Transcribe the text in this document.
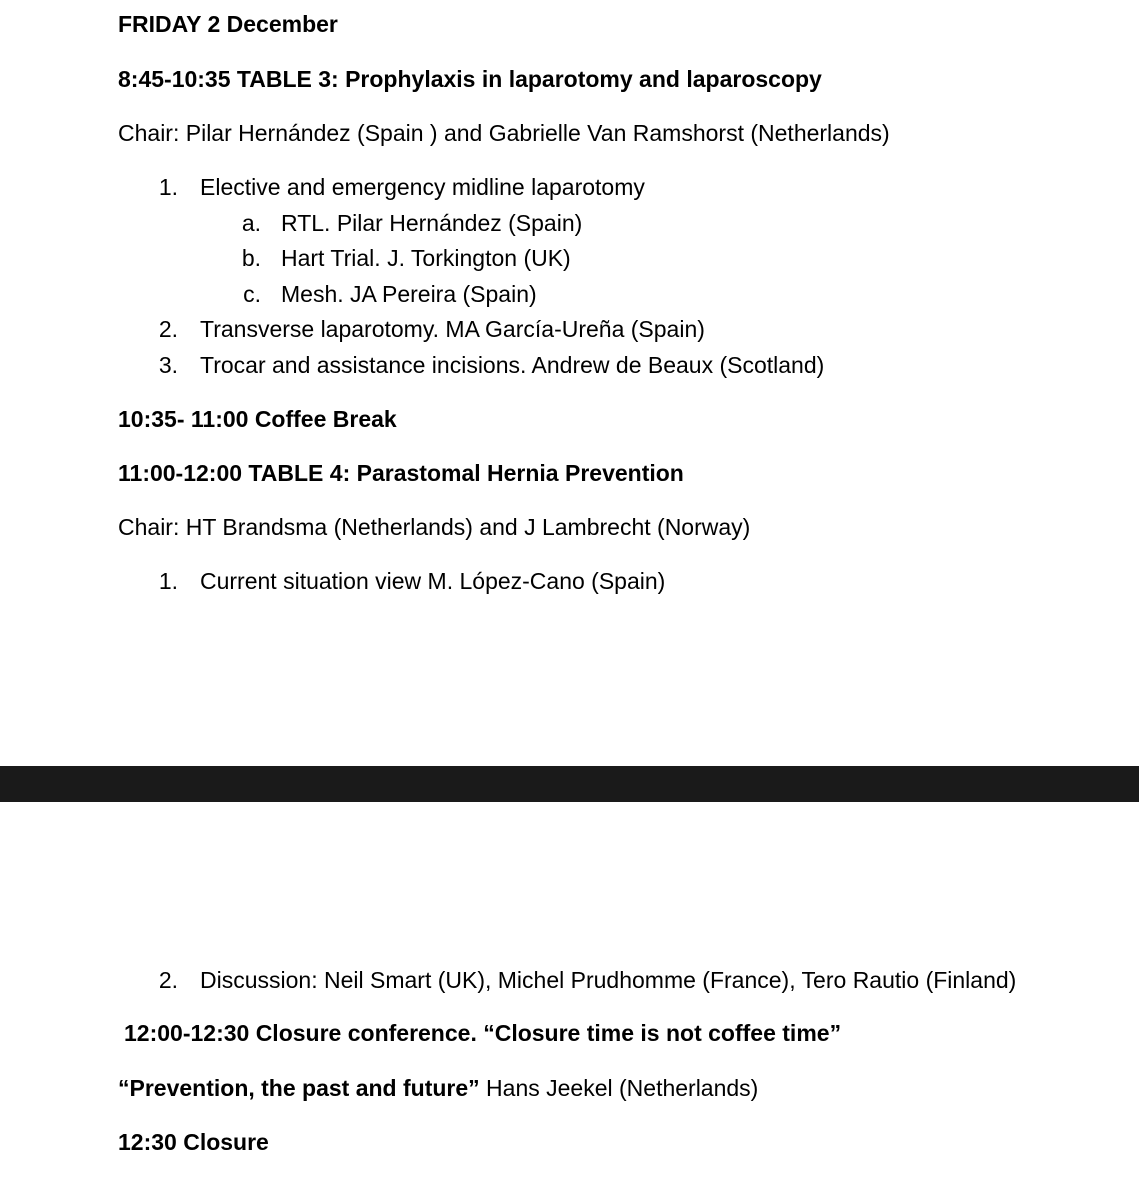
FRIDAY 2 December
8:45-10:35 TABLE 3: Prophylaxis in laparotomy and laparoscopy
Chair: Pilar Hernández (Spain ) and Gabrielle Van Ramshorst (Netherlands)
1. Elective and emergency midline laparotomy
a. RTL. Pilar Hernández (Spain)
b. Hart Trial. J. Torkington (UK)
c. Mesh. JA Pereira (Spain)
2. Transverse laparotomy. MA García-Ureña (Spain)
3. Trocar and assistance incisions. Andrew de Beaux (Scotland)
10:35- 11:00 Coffee Break
11:00-12:00 TABLE 4: Parastomal Hernia Prevention
Chair: HT Brandsma (Netherlands) and J Lambrecht (Norway)
1. Current situation view M. López-Cano (Spain)
2. Discussion: Neil Smart (UK), Michel Prudhomme (France), Tero Rautio (Finland)
12:00-12:30 Closure conference. “Closure time is not coffee time”
“Prevention, the past and future” Hans Jeekel (Netherlands)
12:30 Closure
